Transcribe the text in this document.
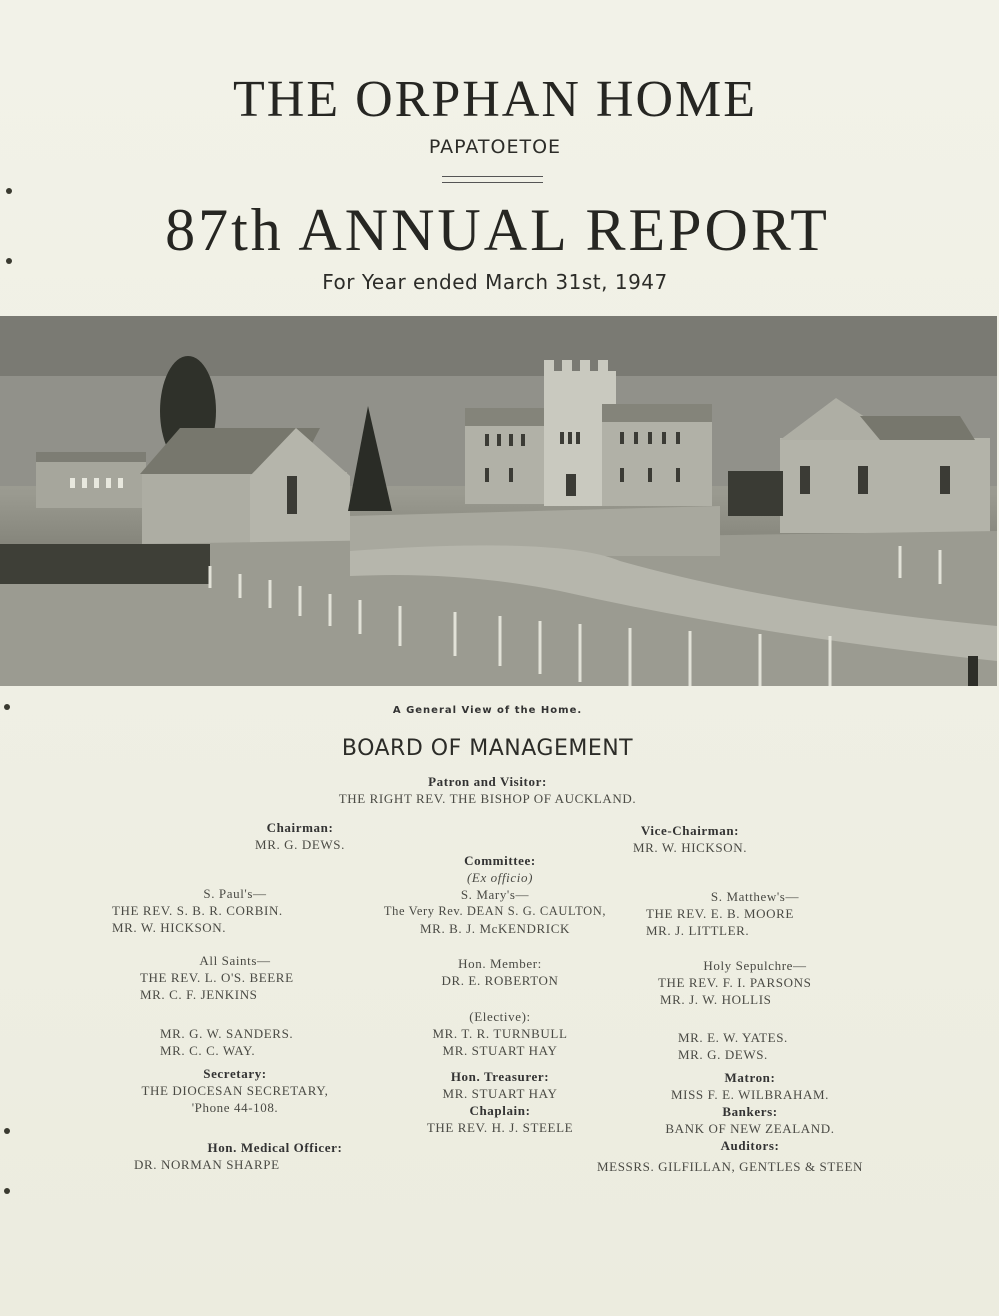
THE ORPHAN HOME
PAPATOETOE
87th ANNUAL REPORT
For Year ended March 31st, 1947
A General View of the Home.
BOARD OF MANAGEMENT
Patron and Visitor:
THE RIGHT REV. THE BISHOP OF AUCKLAND.
Chairman:
MR. G. DEWS.
Vice-Chairman:
MR. W. HICKSON.
Committee:
(Ex officio)
S. Paul's—
THE REV. S. B. R. CORBIN.
MR. W. HICKSON.
S. Mary's—
The Very Rev. DEAN S. G. CAULTON,
MR. B. J. McKENDRICK
S. Matthew's—
THE REV. E. B. MOORE
MR. J. LITTLER.
All Saints—
THE REV. L. O'S. BEERE
MR. C. F. JENKINS
Hon. Member:
DR. E. ROBERTON
Holy Sepulchre—
THE REV. F. I. PARSONS
MR. J. W. HOLLIS
MR. G. W. SANDERS.
MR. C. C. WAY.
(Elective):
MR. T. R. TURNBULL
MR. STUART HAY
MR. E. W. YATES.
MR. G. DEWS.
Secretary:
THE DIOCESAN SECRETARY,
'Phone 44-108.
Hon. Treasurer:
MR. STUART HAY
Chaplain:
THE REV. H. J. STEELE
Matron:
MISS F. E. WILBRAHAM.
Bankers:
BANK OF NEW ZEALAND.
Auditors:
MESSRS. GILFILLAN, GENTLES & STEEN
Hon. Medical Officer:
DR. NORMAN SHARPE
